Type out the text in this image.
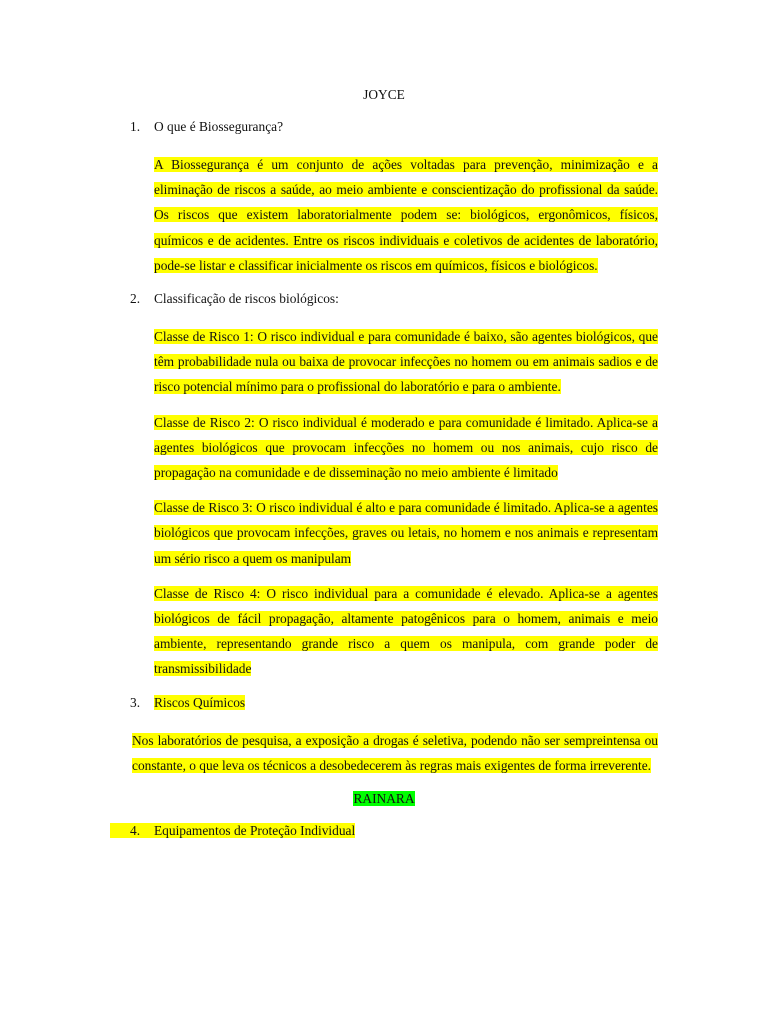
JOYCE

1. O que é Biossegurança?

A Biossegurança é um conjunto de ações voltadas para prevenção, minimização e a eliminação de riscos a saúde, ao meio ambiente e conscientização do profissional da saúde. Os riscos que existem laboratorialmente podem se: biológicos, ergonômicos, físicos, químicos e de acidentes. Entre os riscos individuais e coletivos de acidentes de laboratório, pode-se listar e classificar inicialmente os riscos em químicos, físicos e biológicos.

2. Classificação de riscos biológicos:

Classe de Risco 1: O risco individual e para comunidade é baixo, são agentes biológicos, que têm probabilidade nula ou baixa de provocar infecções no homem ou em animais sadios e de risco potencial mínimo para o profissional do laboratório e para o ambiente.

Classe de Risco 2: O risco individual é moderado e para comunidade é limitado. Aplica-se a agentes biológicos que provocam infecções no homem ou nos animais, cujo risco de propagação na comunidade e de disseminação no meio ambiente é limitado

Classe de Risco 3: O risco individual é alto e para comunidade é limitado. Aplica-se a agentes biológicos que provocam infecções, graves ou letais, no homem e nos animais e representam um sério risco a quem os manipulam

Classe de Risco 4: O risco individual para a comunidade é elevado. Aplica-se a agentes biológicos de fácil propagação, altamente patogênicos para o homem, animais e meio ambiente, representando grande risco a quem os manipula, com grande poder de transmissibilidade

3. Riscos Químicos

Nos laboratórios de pesquisa, a exposição a drogas é seletiva, podendo não ser sempreintensa ou constante, o que leva os técnicos a desobedecerem às regras mais exigentes de forma irreverente.

RAINARA

4. Equipamentos de Proteção Individual
